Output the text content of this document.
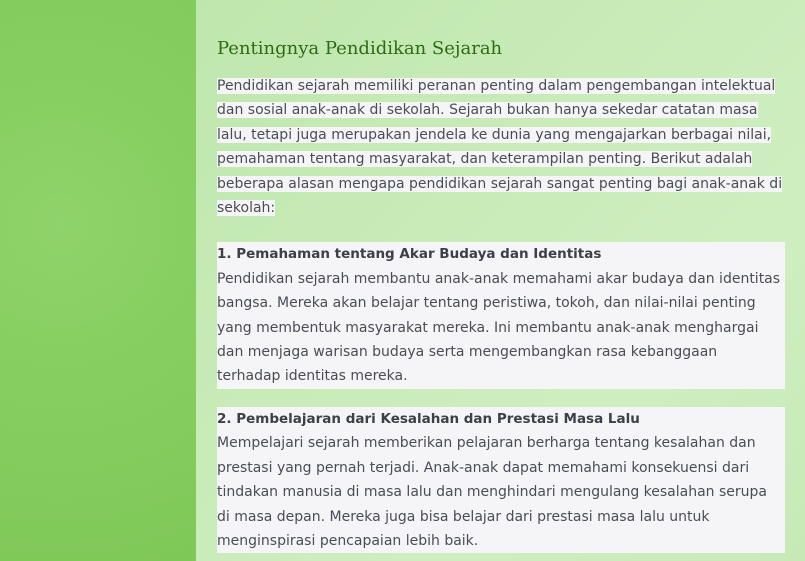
Pentingnya Pendidikan Sejarah

Pendidikan sejarah memiliki peranan penting dalam pengembangan intelektual dan sosial anak-anak di sekolah. Sejarah bukan hanya sekedar catatan masa lalu, tetapi juga merupakan jendela ke dunia yang mengajarkan berbagai nilai, pemahaman tentang masyarakat, dan keterampilan penting. Berikut adalah beberapa alasan mengapa pendidikan sejarah sangat penting bagi anak-anak di sekolah:

1. Pemahaman tentang Akar Budaya dan Identitas
Pendidikan sejarah membantu anak-anak memahami akar budaya dan identitas bangsa. Mereka akan belajar tentang peristiwa, tokoh, dan nilai-nilai penting yang membentuk masyarakat mereka. Ini membantu anak-anak menghargai dan menjaga warisan budaya serta mengembangkan rasa kebanggaan terhadap identitas mereka.
2. Pembelajaran dari Kesalahan dan Prestasi Masa Lalu
Mempelajari sejarah memberikan pelajaran berharga tentang kesalahan dan prestasi yang pernah terjadi. Anak-anak dapat memahami konsekuensi dari tindakan manusia di masa lalu dan menghindari mengulang kesalahan serupa di masa depan. Mereka juga bisa belajar dari prestasi masa lalu untuk menginspirasi pencapaian lebih baik.
